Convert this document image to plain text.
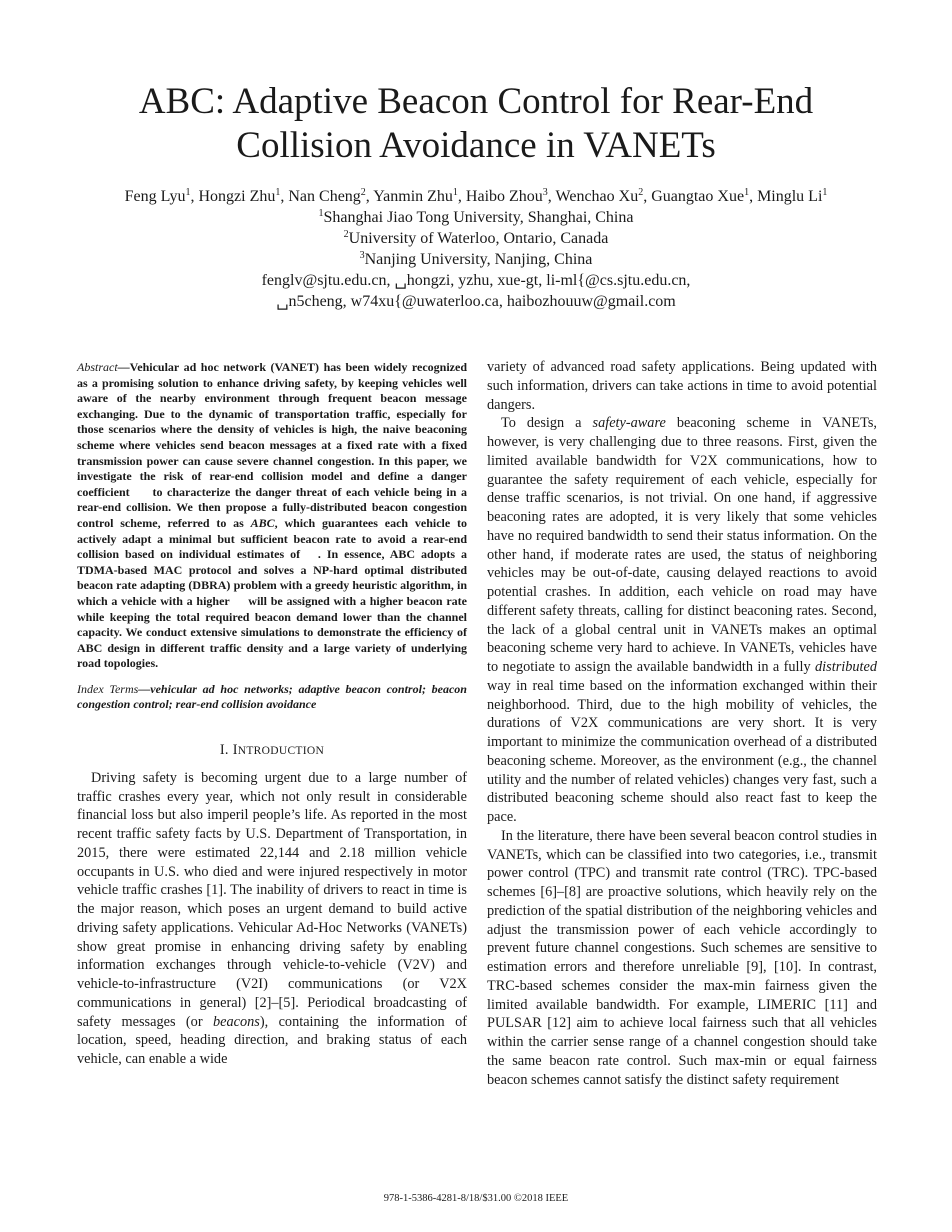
ABC: Adaptive Beacon Control for Rear-End
Collision Avoidance in VANETs
Feng Lyu$^1$, Hongzi Zhu$^1$, Nan Cheng$^2$, Yanmin Zhu$^1$, Haibo Zhou$^3$, Wenchao Xu$^2$, Guangtao Xue$^1$, Minglu Li$^1$
$^1$Shanghai Jiao Tong University, Shanghai, China
$^2$University of Waterloo, Ontario, Canada
$^3$Nanjing University, Nanjing, China
fenglv@sjtu.edu.cn, ␣hongzi, yzhu, xue-gt, li-ml{@cs.sjtu.edu.cn,
␣n5cheng, w74xu{@uwaterloo.ca, haibozhouuw@gmail.com

Abstract—Vehicular ad hoc network (VANET) has been widely recognized as a promising solution to enhance driving safety, by keeping vehicles well aware of the nearby environment through frequent beacon message exchanging. Due to the dynamic of transportation traffic, especially for those scenarios where the density of vehicles is high, the naive beaconing scheme where vehicles send beacon messages at a fixed rate with a fixed transmission power can cause severe channel congestion. In this paper, we investigate the risk of rear-end collision model and define a danger coefficient     to characterize the danger threat of each vehicle being in a rear-end collision. We then propose a fully-distributed beacon congestion control scheme, referred to as ABC, which guarantees each vehicle to actively adapt a minimal but sufficient beacon rate to avoid a rear-end collision based on individual estimates of   . In essence, ABC adopts a TDMA-based MAC protocol and solves a NP-hard optimal distributed beacon rate adapting (DBRA) problem with a greedy heuristic algorithm, in which a vehicle with a higher     will be assigned with a higher beacon rate while keeping the total required beacon demand lower than the channel capacity. We conduct extensive simulations to demonstrate the efficiency of ABC design in different traffic density and a large variety of underlying road topologies.

Index Terms—vehicular ad hoc networks; adaptive beacon control; beacon congestion control; rear-end collision avoidance

I. INTRODUCTION

Driving safety is becoming urgent due to a large number of traffic crashes every year, which not only result in considerable financial loss but also imperil people’s life. As reported in the most recent traffic safety facts by U.S. Department of Transportation, in 2015, there were estimated 22,144 and 2.18 million vehicle occupants in U.S. who died and were injured respectively in motor vehicle traffic crashes [1]. The inability of drivers to react in time is the major reason, which poses an urgent demand to build active driving safety applications. Vehicular Ad-Hoc Networks (VANETs) show great promise in enhancing driving safety by enabling information exchanges through vehicle-to-vehicle (V2V) and vehicle-to-infrastructure (V2I) communications (or V2X communications in general) [2]–[5]. Periodical broadcasting of safety messages (or beacons), containing the information of location, speed, heading direction, and braking status of each vehicle, can enable a wide

variety of advanced road safety applications. Being updated with such information, drivers can take actions in time to avoid potential dangers.

To design a safety-aware beaconing scheme in VANETs, however, is very challenging due to three reasons. First, given the limited available bandwidth for V2X communications, how to guarantee the safety requirement of each vehicle, especially for dense traffic scenarios, is not trivial. On one hand, if aggressive beaconing rates are adopted, it is very likely that some vehicles have no required bandwidth to send their status information. On the other hand, if moderate rates are used, the status of neighboring vehicles may be out-of-date, causing delayed reactions to avoid potential crashes. In addition, each vehicle on road may have different safety threats, calling for distinct beaconing rates. Second, the lack of a global central unit in VANETs makes an optimal beaconing scheme very hard to achieve. In VANETs, vehicles have to negotiate to assign the available bandwidth in a fully distributed way in real time based on the information exchanged within their neighborhood. Third, due to the high mobility of vehicles, the durations of V2X communications are very short. It is very important to minimize the communication overhead of a distributed beaconing scheme. Moreover, as the environment (e.g., the channel utility and the number of related vehicles) changes very fast, such a distributed beaconing scheme should also react fast to keep the pace.

In the literature, there have been several beacon control studies in VANETs, which can be classified into two categories, i.e., transmit power control (TPC) and transmit rate control (TRC). TPC-based schemes [6]–[8] are proactive solutions, which heavily rely on the prediction of the spatial distribution of the neighboring vehicles and adjust the transmission power of each vehicle accordingly to prevent future channel congestions. Such schemes are sensitive to estimation errors and therefore unreliable [9], [10]. In contrast, TRC-based schemes consider the max-min fairness given the limited available bandwidth. For example, LIMERIC [11] and PULSAR [12] aim to achieve local fairness such that all vehicles within the carrier sense range of a channel congestion should take the same beacon rate control. Such max-min or equal fairness beacon schemes cannot satisfy the distinct safety requirement

978-1-5386-4281-8/18/$31.00 ©2018 IEEE
